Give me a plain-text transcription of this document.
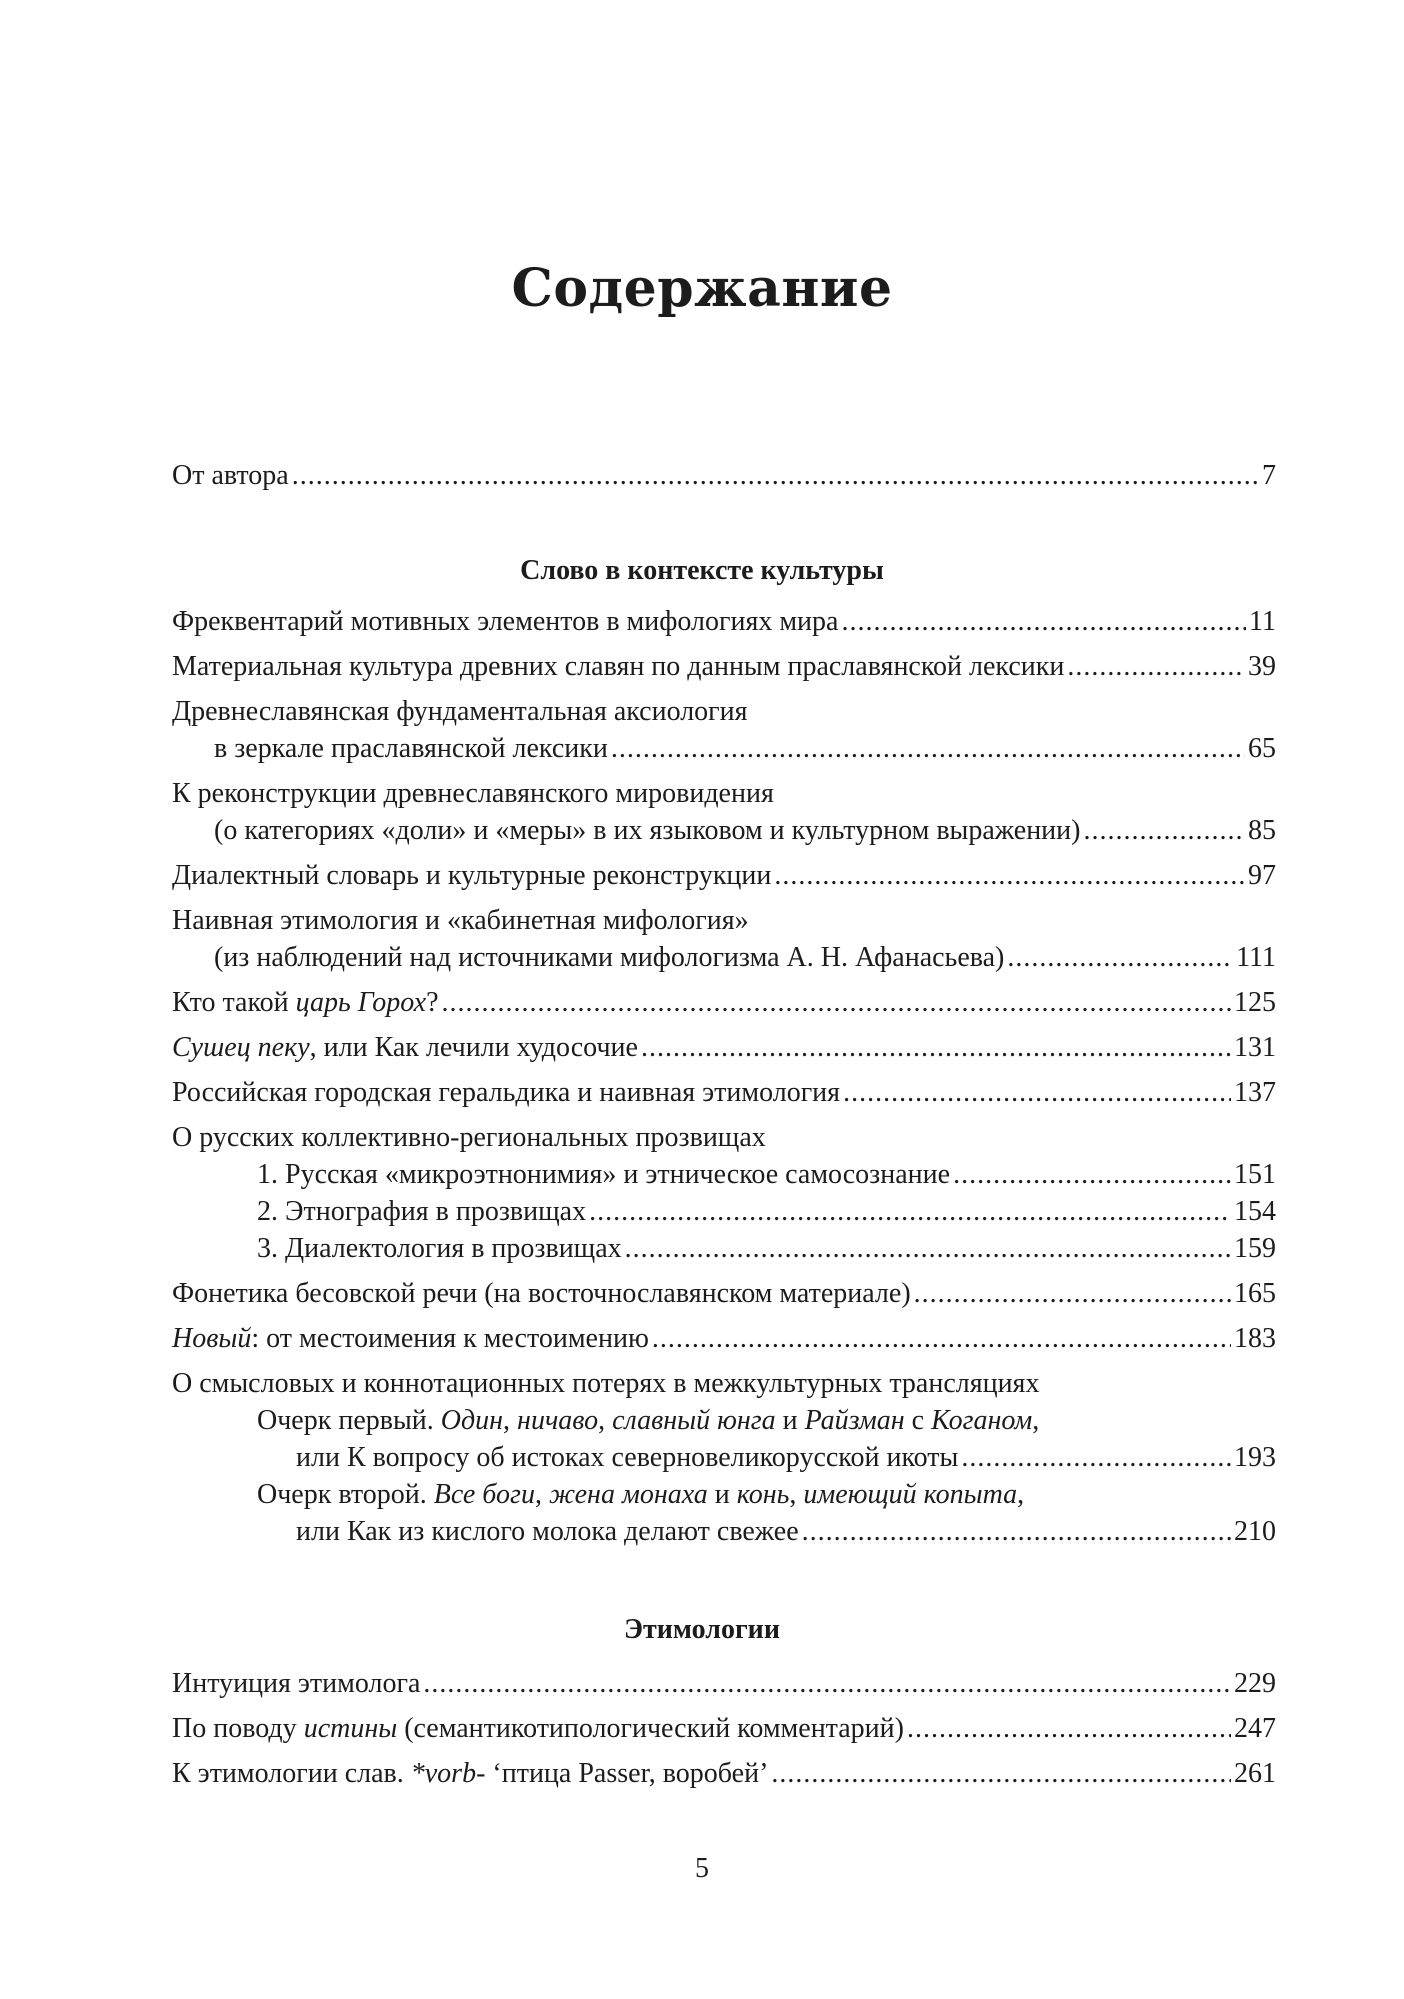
Содержание
От автора .....	7
Слово в контексте культуры
Фреквентарий мотивных элементов в мифологиях мира .....	11
Материальная культура древних славян по данным праславянской лексики .....	39
Древнеславянская фундаментальная аксиология
в зеркале праславянской лексики .....	65
К реконструкции древнеславянского мировидения
(о категориях «доли» и «меры» в их языковом и культурном выражении) .....	85
Диалектный словарь и культурные реконструкции .....	97
Наивная этимология и «кабинетная мифология»
(из наблюдений над источниками мифологизма А. Н. Афанасьева) .....	111
Кто такой царь Горох? .....	125
Сушец пеку, или Как лечили худосочие .....	131
Российская городская геральдика и наивная этимология .....	137
О русских коллективно-региональных прозвищах
1. Русская «микроэтнонимия» и этническое самосознание .....	151
2. Этнография в прозвищах .....	154
3. Диалектология в прозвищах .....	159
Фонетика бесовской речи (на восточнославянском материале) .....	165
Новый: от местоимения к местоимению .....	183
О смысловых и коннотационных потерях в межкультурных трансляциях
Очерк первый. Один, ничаво, славный юнга и Райзман с Коганом,
или К вопросу об истоках северновеликорусской икоты .....	193
Очерк второй. Все боги, жена монаха и конь, имеющий копыта,
или Как из кислого молока делают свежее .....	210
Этимологии
Интуиция этимолога .....	229
По поводу истины (семантикотипологический комментарий) .....	247
К этимологии слав. *vorb- ‘птица Passer, воробей’ .....	261
5
